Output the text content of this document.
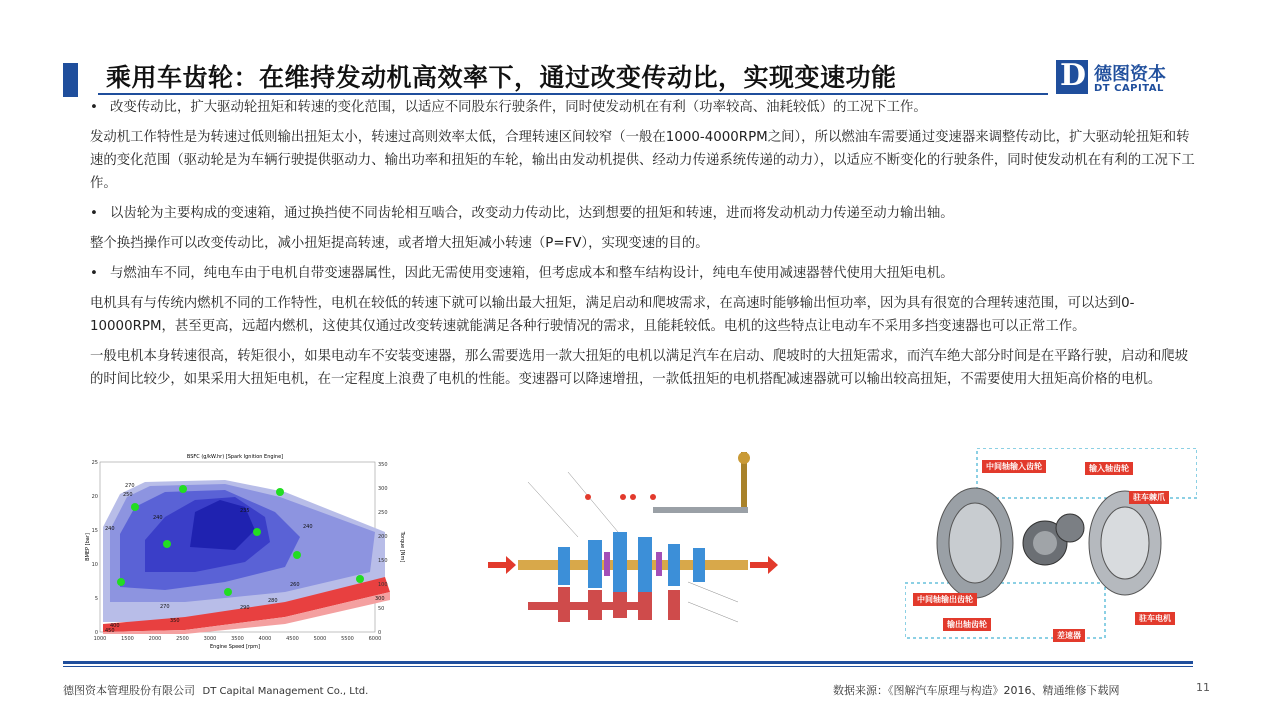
乘用车齿轮：在维持发动机高效率下，通过改变传动比，实现变速功能	D 德图资本
DT CAPITAL

• 改变传动比，扩大驱动轮扭矩和转速的变化范围，以适应不同股东行驶条件，同时使发动机在有利（功率较高、油耗较低）的工况下工作。

发动机工作特性是为转速过低则输出扭矩太小，转速过高则效率太低，合理转速区间较窄（一般在1000-4000RPM之间），所以燃油车需要通过变速器来调整传动比，扩大驱动轮扭矩和转速的变化范围（驱动轮是为车辆行驶提供驱动力、输出功率和扭矩的车轮，输出由发动机提供、经动力传递系统传递的动力），以适应不断变化的行驶条件，同时使发动机在有利的工况下工作。

• 以齿轮为主要构成的变速箱，通过换挡使不同齿轮相互啮合，改变动力传动比，达到想要的扭矩和转速，进而将发动机动力传递至动力输出轴。

整个换挡操作可以改变传动比，减小扭矩提高转速，或者增大扭矩减小转速（P=FV），实现变速的目的。

• 与燃油车不同，纯电车由于电机自带变速器属性，因此无需使用变速箱，但考虑成本和整车结构设计，纯电车使用减速器替代使用大扭矩电机。

电机具有与传统内燃机不同的工作特性，电机在较低的转速下就可以输出最大扭矩，满足启动和爬坡需求，在高速时能够输出恒功率，因为具有很宽的合理转速范围，可以达到0-10000RPM，甚至更高，远超内燃机，这使其仅通过改变转速就能满足各种行驶情况的需求，且能耗较低。电机的这些特点让电动车不采用多挡变速器也可以正常工作。

一般电机本身转速很高，转矩很小，如果电动车不安装变速器，那么需要选用一款大扭矩的电机以满足汽车在启动、爬坡时的大扭矩需求，而汽车绝大部分时间是在平路行驶，启动和爬坡的时间比较少，如果采用大扭矩电机，在一定程度上浪费了电机的性能。变速器可以降速增扭，一款低扭矩的电机搭配减速器就可以输出较高扭矩，不需要使用大扭矩高价格的电机。

BSFC (g/kW.hr) [Spark Ignition Engine]
270
250
240
235
240	240
260
270
280	300
290
350
400
450
1000	1500	2000	2500	3000	3500	4000	4500	5000	5500	6000
0
5
10
15
20
25
0
50
100
150
200
250
300
350
Engine Speed [rpm]
BMEP [bar]	Torque [Nm]
中间轴输入齿轮	输入轴齿轮
驻车棘爪
中间轴输出齿轮
输出轴齿轮
差速器
驻车电机
德图资本管理股份有限公司 DT Capital Management Co., Ltd.	数据来源：《图解汽车原理与构造》2016、精通维修下载网	11
